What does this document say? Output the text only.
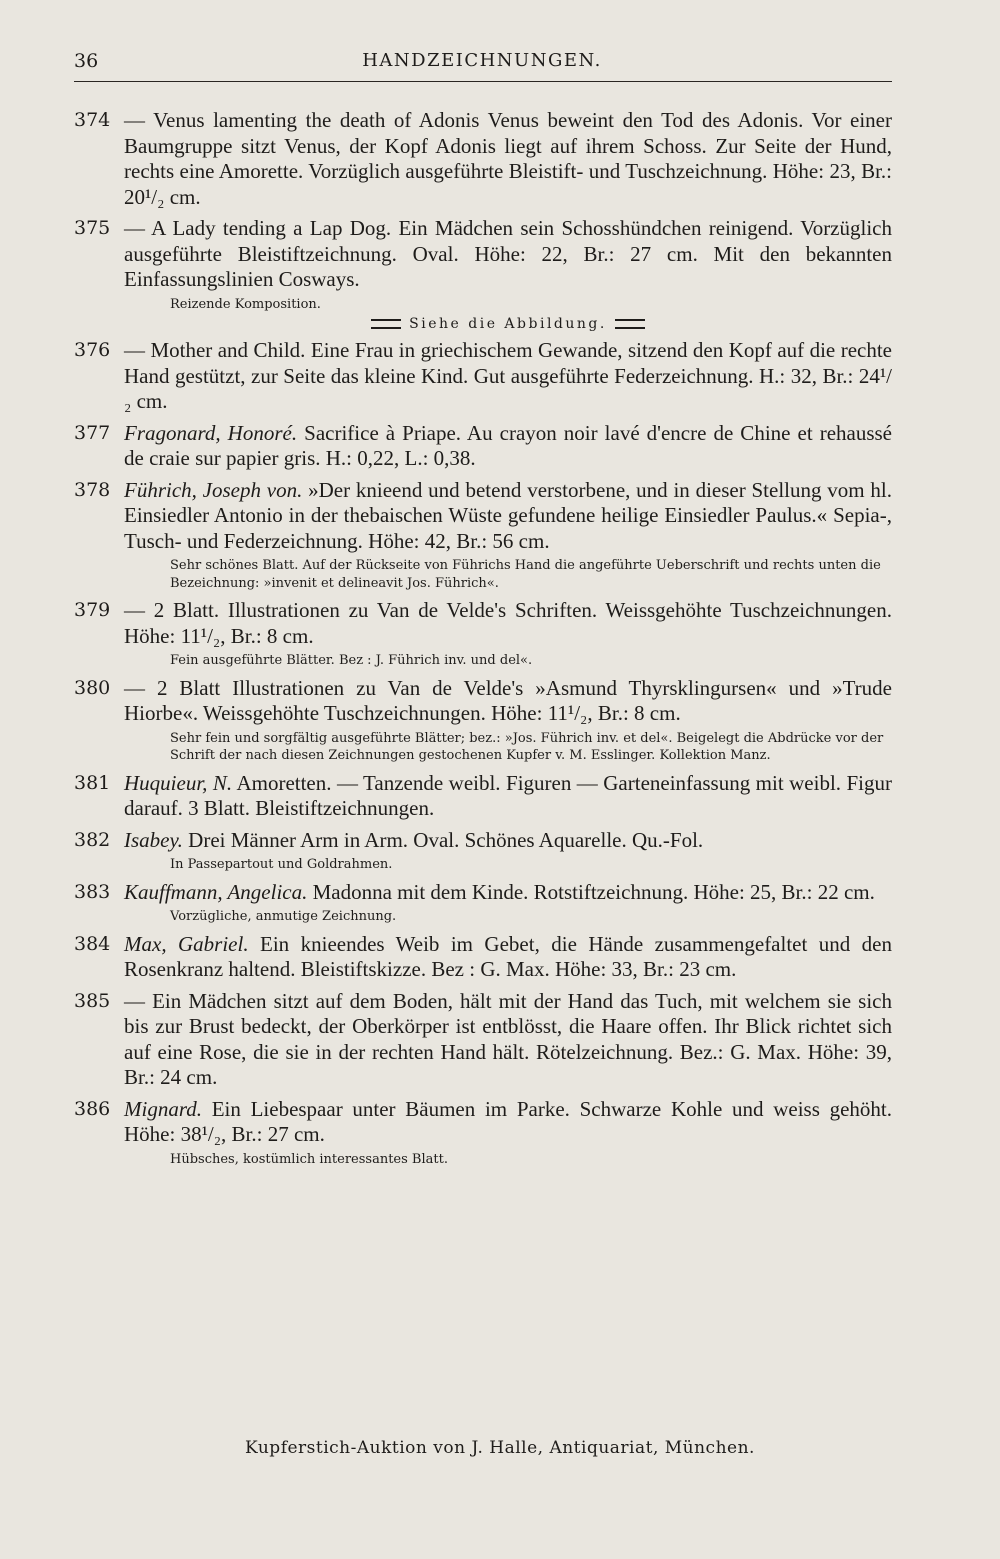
36	HANDZEICHNUNGEN.
374 — Venus lamenting the death of Adonis Venus beweint den Tod des Adonis. Vor einer Baumgruppe sitzt Venus, der Kopf Adonis liegt auf ihrem Schoss. Zur Seite der Hund, rechts eine Amorette. Vorzüglich ausgeführte Bleistift- und Tuschzeichnung. Höhe: 23, Br.: 20¹/₂ cm.
375 — A Lady tending a Lap Dog. Ein Mädchen sein Schosshündchen reinigend. Vorzüglich ausgeführte Bleistiftzeichnung. Oval. Höhe: 22, Br.: 27 cm. Mit den bekannten Einfassungslinien Cosways.
Reizende Komposition.
Siehe die Abbildung.
376 — Mother and Child. Eine Frau in griechischem Gewande, sitzend den Kopf auf die rechte Hand gestützt, zur Seite das kleine Kind. Gut ausgeführte Federzeichnung. H.: 32, Br.: 24¹/₂ cm.
377 Fragonard, Honoré. Sacrifice à Priape. Au crayon noir lavé d'encre de Chine et rehaussé de craie sur papier gris. H.: 0,22, L.: 0,38.
378 Führich, Joseph von. »Der knieend und betend verstorbene, und in dieser Stellung vom hl. Einsiedler Antonio in der thebaischen Wüste gefundene heilige Einsiedler Paulus.« Sepia-, Tusch- und Federzeichnung. Höhe: 42, Br.: 56 cm.
Sehr schönes Blatt. Auf der Rückseite von Führichs Hand die angeführte Ueberschrift und rechts unten die Bezeichnung: »invenit et delineavit Jos. Führich«.
379 — 2 Blatt. Illustrationen zu Van de Velde's Schriften. Weissgehöhte Tuschzeichnungen. Höhe: 11¹/₂, Br.: 8 cm.
Fein ausgeführte Blätter. Bez : J. Führich inv. und del«.
380 — 2 Blatt Illustrationen zu Van de Velde's »Asmund Thyrsklingursen« und »Trude Hiorbe«. Weissgehöhte Tuschzeichnungen. Höhe: 11¹/₂, Br.: 8 cm.
Sehr fein und sorgfältig ausgeführte Blätter; bez.: »Jos. Führich inv. et del«. Beigelegt die Abdrücke vor der Schrift der nach diesen Zeichnungen gestochenen Kupfer v. M. Esslinger. Kollektion Manz.
381 Huquieur, N. Amoretten. — Tanzende weibl. Figuren — Garteneinfassung mit weibl. Figur darauf. 3 Blatt. Bleistiftzeichnungen.
382 Isabey. Drei Männer Arm in Arm. Oval. Schönes Aquarelle. Qu.-Fol.
In Passepartout und Goldrahmen.
383 Kauffmann, Angelica. Madonna mit dem Kinde. Rotstiftzeichnung. Höhe: 25, Br.: 22 cm.
Vorzügliche, anmutige Zeichnung.
384 Max, Gabriel. Ein knieendes Weib im Gebet, die Hände zusammengefaltet und den Rosenkranz haltend. Bleistiftskizze. Bez : G. Max. Höhe: 33, Br.: 23 cm.
385 — Ein Mädchen sitzt auf dem Boden, hält mit der Hand das Tuch, mit welchem sie sich bis zur Brust bedeckt, der Oberkörper ist entblösst, die Haare offen. Ihr Blick richtet sich auf eine Rose, die sie in der rechten Hand hält. Rötelzeichnung. Bez.: G. Max. Höhe: 39, Br.: 24 cm.
386 Mignard. Ein Liebespaar unter Bäumen im Parke. Schwarze Kohle und weiss gehöht. Höhe: 38¹/₂, Br.: 27 cm.
Hübsches, kostümlich interessantes Blatt.
Kupferstich-Auktion von J. Halle, Antiquariat, München.
